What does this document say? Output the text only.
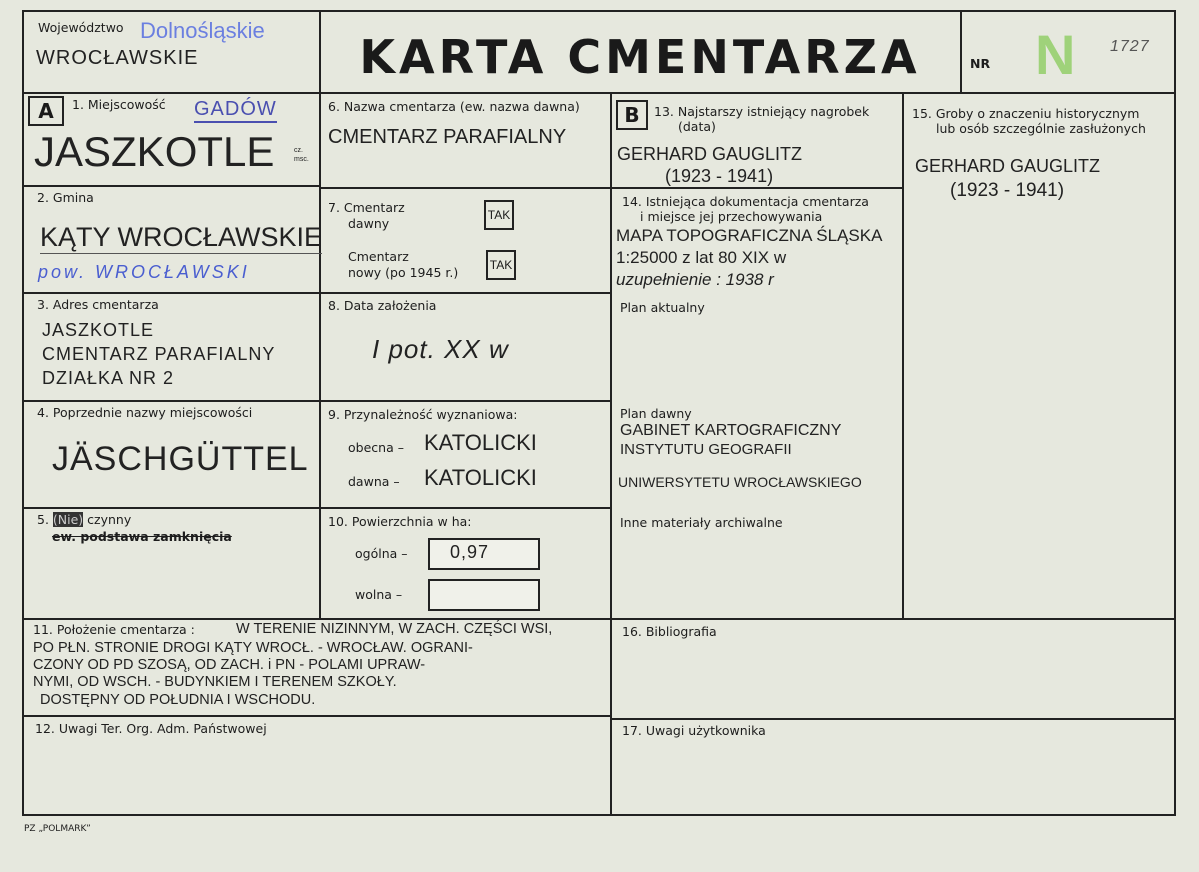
Województwo Dolnośląskie
WROCŁAWSKIE	KARTA CMENTARZA	NR N 1727
A	1. Miejscowość GADÓW
JASZKOTLE	cz. msc.
2. Gmina
KĄTY WROCŁAWSKIE
pow. WROCŁAWSKI
3. Adres cmentarza
JASZKOTLE
CMENTARZ PARAFIALNY
DZIAŁKA NR 2
4. Poprzednie nazwy miejscowości
JÄSCHGÜTTEL
5. (Nie) czynny
ew. podstawa zamknięcia
6. Nazwa cmentarza (ew. nazwa dawna)
CMENTARZ PARAFIALNY
7. Cmentarz
dawny
TAK
Cmentarz
nowy (po 1945 r.)	TAK
8. Data założenia
I pot. XX w
9. Przynależność wyznaniowa:
obecna – KATOLICKI
dawna – KATOLICKI
10. Powierzchnia w ha:
ogólna – 0,97
wolna –
11. Położenie cmentarza :	W TERENIE NIZINNYM, W ZACH. CZĘŚCI WSI,
PO PŁN. STRONIE DROGI KĄTY WROCŁ. - WROCŁAW. OGRANI-
CZONY OD PD SZOSĄ, OD ZACH. i PN - POLAMI UPRAW-
NYMI, OD WSCH. - BUDYNKIEM I TERENEM SZKOŁY.
DOSTĘPNY OD POŁUDNIA I WSCHODU.
12. Uwagi Ter. Org. Adm. Państwowej
B	13. Najstarszy istniejący nagrobek
(data)
GERHARD GAUGLITZ
(1923 - 1941)
14. Istniejąca dokumentacja cmentarza
i miejsce jej przechowywania
MAPA TOPOGRAFICZNA ŚLĄSKA
1:25000 z lat 80 XIX w
uzupełnienie : 1938 r
Plan aktualny
Plan dawny
GABINET KARTOGRAFICZNY
INSTYTUTU GEOGRAFII
UNIWERSYTETU WROCŁAWSKIEGO
Inne materiały archiwalne
15. Groby o znaczeniu historycznym
lub osób szczególnie zasłużonych
GERHARD GAUGLITZ
(1923 - 1941)
16. Bibliografia
17. Uwagi użytkownika
PZ „POLMARK”
